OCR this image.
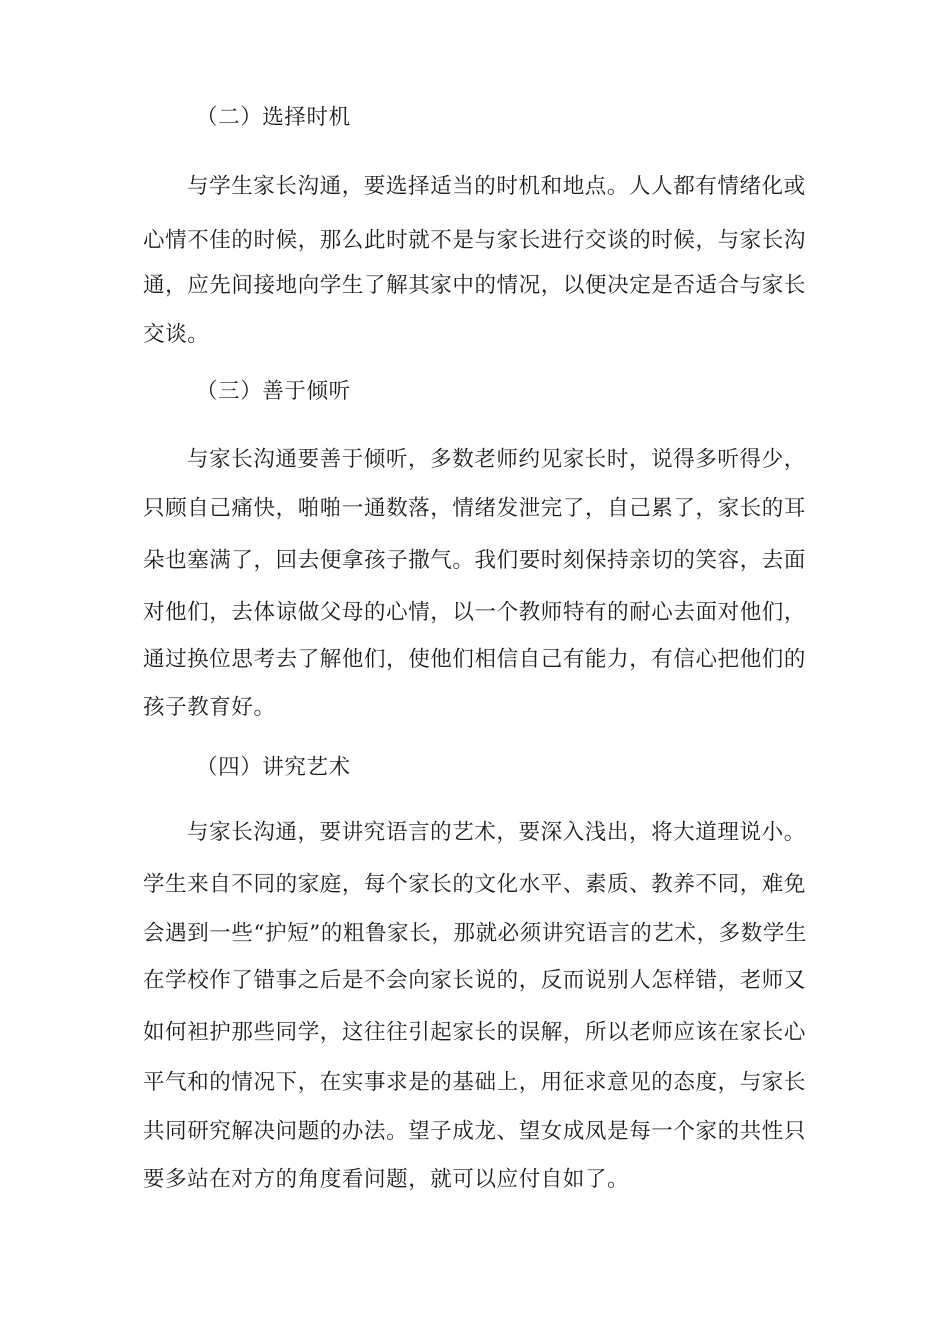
（二）选择时机
与学生家长沟通，要选择适当的时机和地点。人人都有情绪化或
心情不佳的时候，那么此时就不是与家长进行交谈的时候，与家长沟
通，应先间接地向学生了解其家中的情况，以便决定是否适合与家长
交谈。
（三）善于倾听
与家长沟通要善于倾听，多数老师约见家长时，说得多听得少，
只顾自己痛快，啪啪一通数落，情绪发泄完了，自己累了，家长的耳
朵也塞满了，回去便拿孩子撒气。我们要时刻保持亲切的笑容，去面
对他们，去体谅做父母的心情，以一个教师特有的耐心去面对他们，
通过换位思考去了解他们，使他们相信自己有能力，有信心把他们的
孩子教育好。
（四）讲究艺术
与家长沟通，要讲究语言的艺术，要深入浅出，将大道理说小。
学生来自不同的家庭，每个家长的文化水平、素质、教养不同，难免
会遇到一些“护短”的粗鲁家长，那就必须讲究语言的艺术，多数学生
在学校作了错事之后是不会向家长说的，反而说别人怎样错，老师又
如何袒护那些同学，这往往引起家长的误解，所以老师应该在家长心
平气和的情况下，在实事求是的基础上，用征求意见的态度，与家长
共同研究解决问题的办法。望子成龙、望女成凤是每一个家的共性只
要多站在对方的角度看问题，就可以应付自如了。
